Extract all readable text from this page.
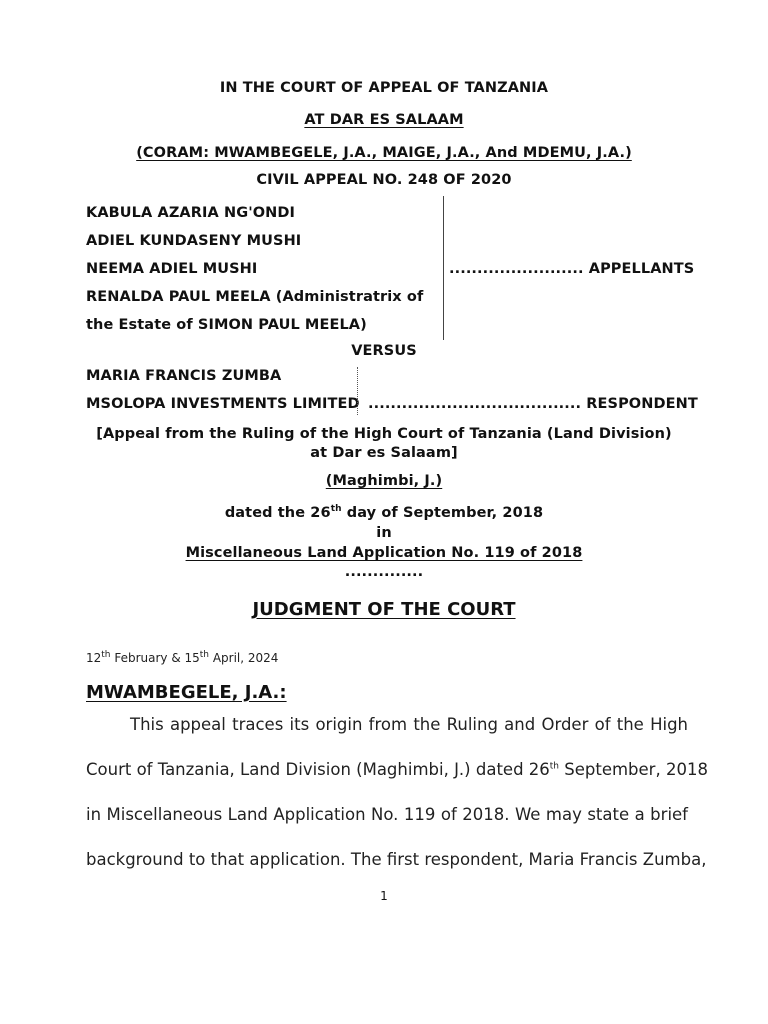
IN THE COURT OF APPEAL OF TANZANIA
AT DAR ES SALAAM
(CORAM: MWAMBEGELE, J.A., MAIGE, J.A., And MDEMU, J.A.)
CIVIL APPEAL NO. 248 OF 2020
KABULA AZARIA NG'ONDI
ADIEL KUNDASENY MUSHI
NEEMA ADIEL MUSHI
RENALDA PAUL MEELA (Administratrix of
the Estate of SIMON PAUL MEELA)
........................ APPELLANTS
VERSUS
MARIA FRANCIS ZUMBA
MSOLOPA INVESTMENTS LIMITED ...................................... RESPONDENT
[Appeal from the Ruling of the High Court of Tanzania (Land Division)
at Dar es Salaam]
(Maghimbi, J.)
dated the 26th day of September, 2018
in
Miscellaneous Land Application No. 119 of 2018
..............
JUDGMENT OF THE COURT
12th February & 15th April, 2024
MWAMBEGELE, J.A.:
This appeal traces its origin from the Ruling and Order of the High
Court of Tanzania, Land Division (Maghimbi, J.) dated 26th September, 2018
in Miscellaneous Land Application No. 119 of 2018. We may state a brief
background to that application. The first respondent, Maria Francis Zumba,
1
